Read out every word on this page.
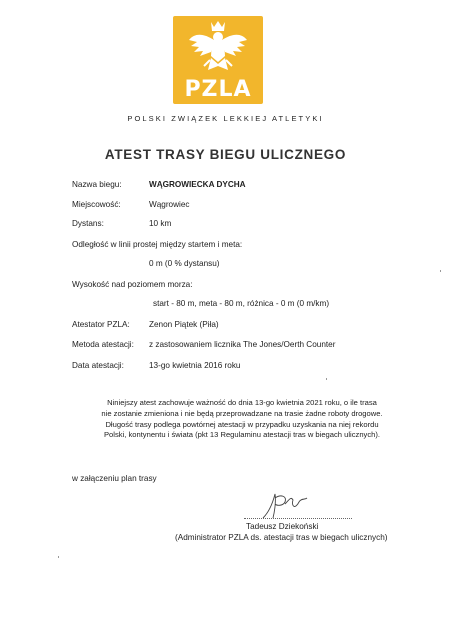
PZLA
POLSKI ZWIĄZEK LEKKIEJ ATLETYKI
ATEST TRASY BIEGU ULICZNEGO
Nazwa biegu:	WĄGROWIECKA DYCHA
Miejscowość:	Wągrowiec
Dystans:	10 km
Odległość w linii prostej między startem i meta:
0 m (0 % dystansu)
Wysokość nad poziomem morza:
start - 80 m, meta - 80 m, różnica - 0 m (0 m/km)
Atestator PZLA: Zenon Piątek (Piła)
Metoda atestacji: z zastosowaniem licznika The Jones/Oerth Counter
Data atestacji:	13-go kwietnia 2016 roku
Niniejszy atest zachowuje ważność do dnia 13-go kwietnia 2021 roku, o ile trasa
nie zostanie zmieniona i nie będą przeprowadzane na trasie żadne roboty drogowe.
Długość trasy podlega powtórnej atestacji w przypadku uzyskania na niej rekordu
Polski, kontynentu i świata (pkt 13 Regulaminu atestacji tras w biegach ulicznych).
w załączeniu plan trasy
Tadeusz Dziekoński
(Administrator PZLA ds. atestacji tras w biegach ulicznych)
